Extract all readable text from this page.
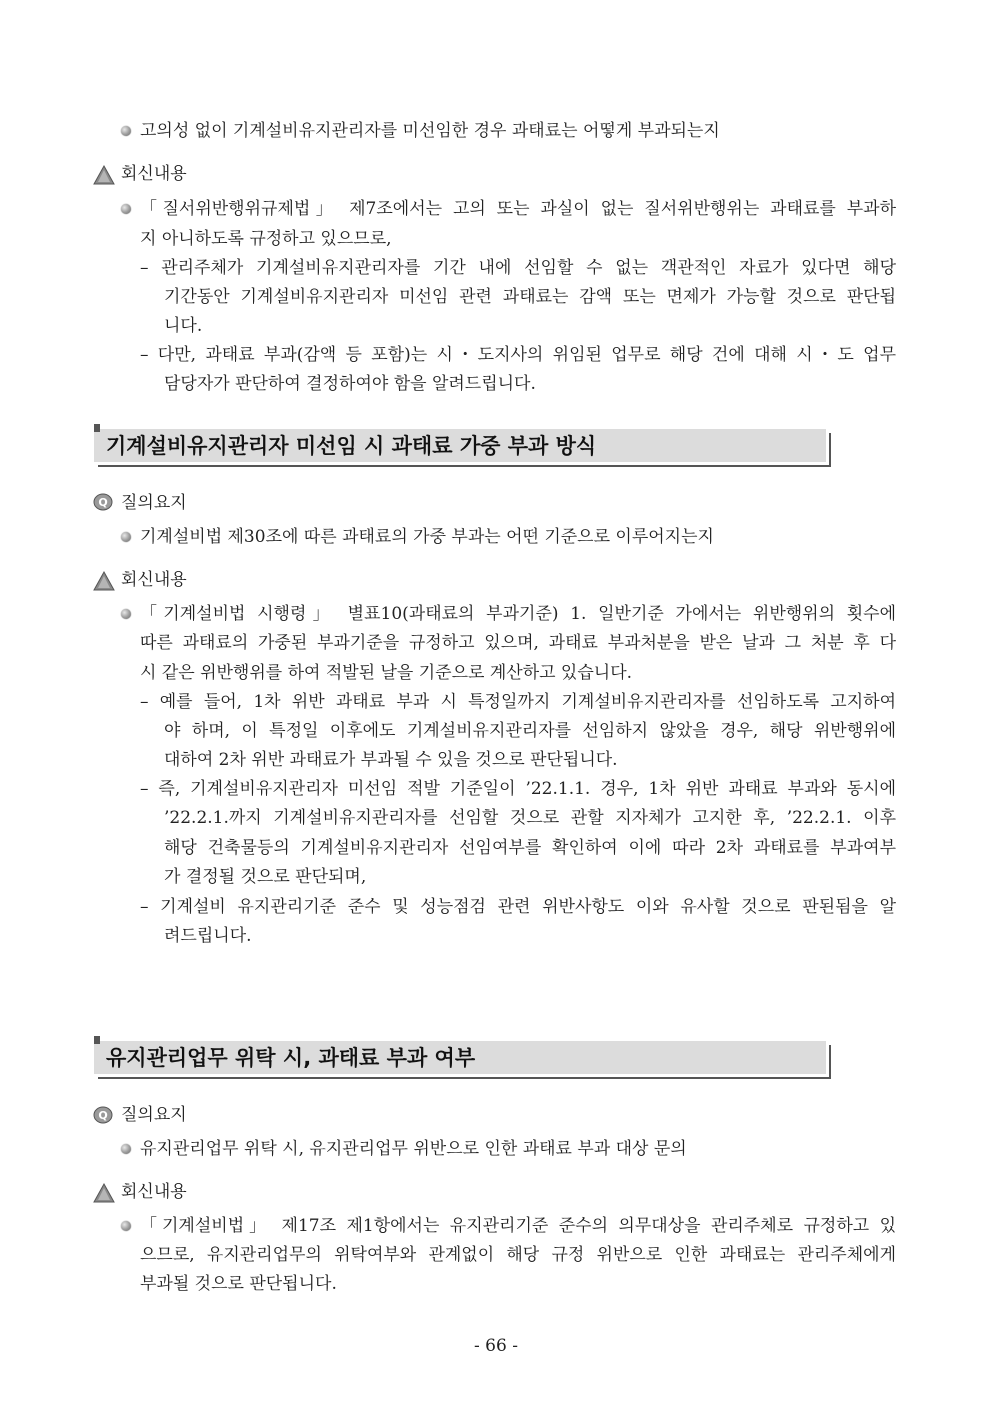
고의성 없이 기계설비유지관리자를 미선임한 경우 과태료는 어떻게 부과되는지
회신내용
「질서위반행위규제법」 제7조에서는 고의 또는 과실이 없는 질서위반행위는 과태료를 부과하
지 아니하도록 규정하고 있으므로,
– 관리주체가 기계설비유지관리자를 기간 내에 선임할 수 없는 객관적인 자료가 있다면 해당
기간동안 기계설비유지관리자 미선임 관련 과태료는 감액 또는 면제가 가능할 것으로 판단됩
니다.
– 다만, 과태료 부과(감액 등 포함)는 시・도지사의 위임된 업무로 해당 건에 대해 시・도 업무
담당자가 판단하여 결정하여야 함을 알려드립니다.
기계설비유지관리자 미선임 시 과태료 가중 부과 방식
Q 질의요지
기계설비법 제30조에 따른 과태료의 가중 부과는 어떤 기준으로 이루어지는지
회신내용
「기계설비법 시행령」 별표10(과태료의 부과기준) 1. 일반기준 가에서는 위반행위의 횟수에
따른 과태료의 가중된 부과기준을 규정하고 있으며, 과태료 부과처분을 받은 날과 그 처분 후 다
시 같은 위반행위를 하여 적발된 날을 기준으로 계산하고 있습니다.
– 예를 들어, 1차 위반 과태료 부과 시 특정일까지 기계설비유지관리자를 선임하도록 고지하여
야 하며, 이 특정일 이후에도 기계설비유지관리자를 선임하지 않았을 경우, 해당 위반행위에
대하여 2차 위반 과태료가 부과될 수 있을 것으로 판단됩니다.
– 즉, 기계설비유지관리자 미선임 적발 기준일이 ’22.1.1. 경우, 1차 위반 과태료 부과와 동시에
’22.2.1.까지 기계설비유지관리자를 선임할 것으로 관할 지자체가 고지한 후, ’22.2.1. 이후
해당 건축물등의 기계설비유지관리자 선임여부를 확인하여 이에 따라 2차 과태료를 부과여부
가 결정될 것으로 판단되며,
– 기계설비 유지관리기준 준수 및 성능점검 관련 위반사항도 이와 유사할 것으로 판된됨을 알
려드립니다.
유지관리업무 위탁 시, 과태료 부과 여부
Q 질의요지
유지관리업무 위탁 시, 유지관리업무 위반으로 인한 과태료 부과 대상 문의
회신내용
「기계설비법」 제17조 제1항에서는 유지관리기준 준수의 의무대상을 관리주체로 규정하고 있
으므로, 유지관리업무의 위탁여부와 관계없이 해당 규정 위반으로 인한 과태료는 관리주체에게
부과될 것으로 판단됩니다.
- 66 -
